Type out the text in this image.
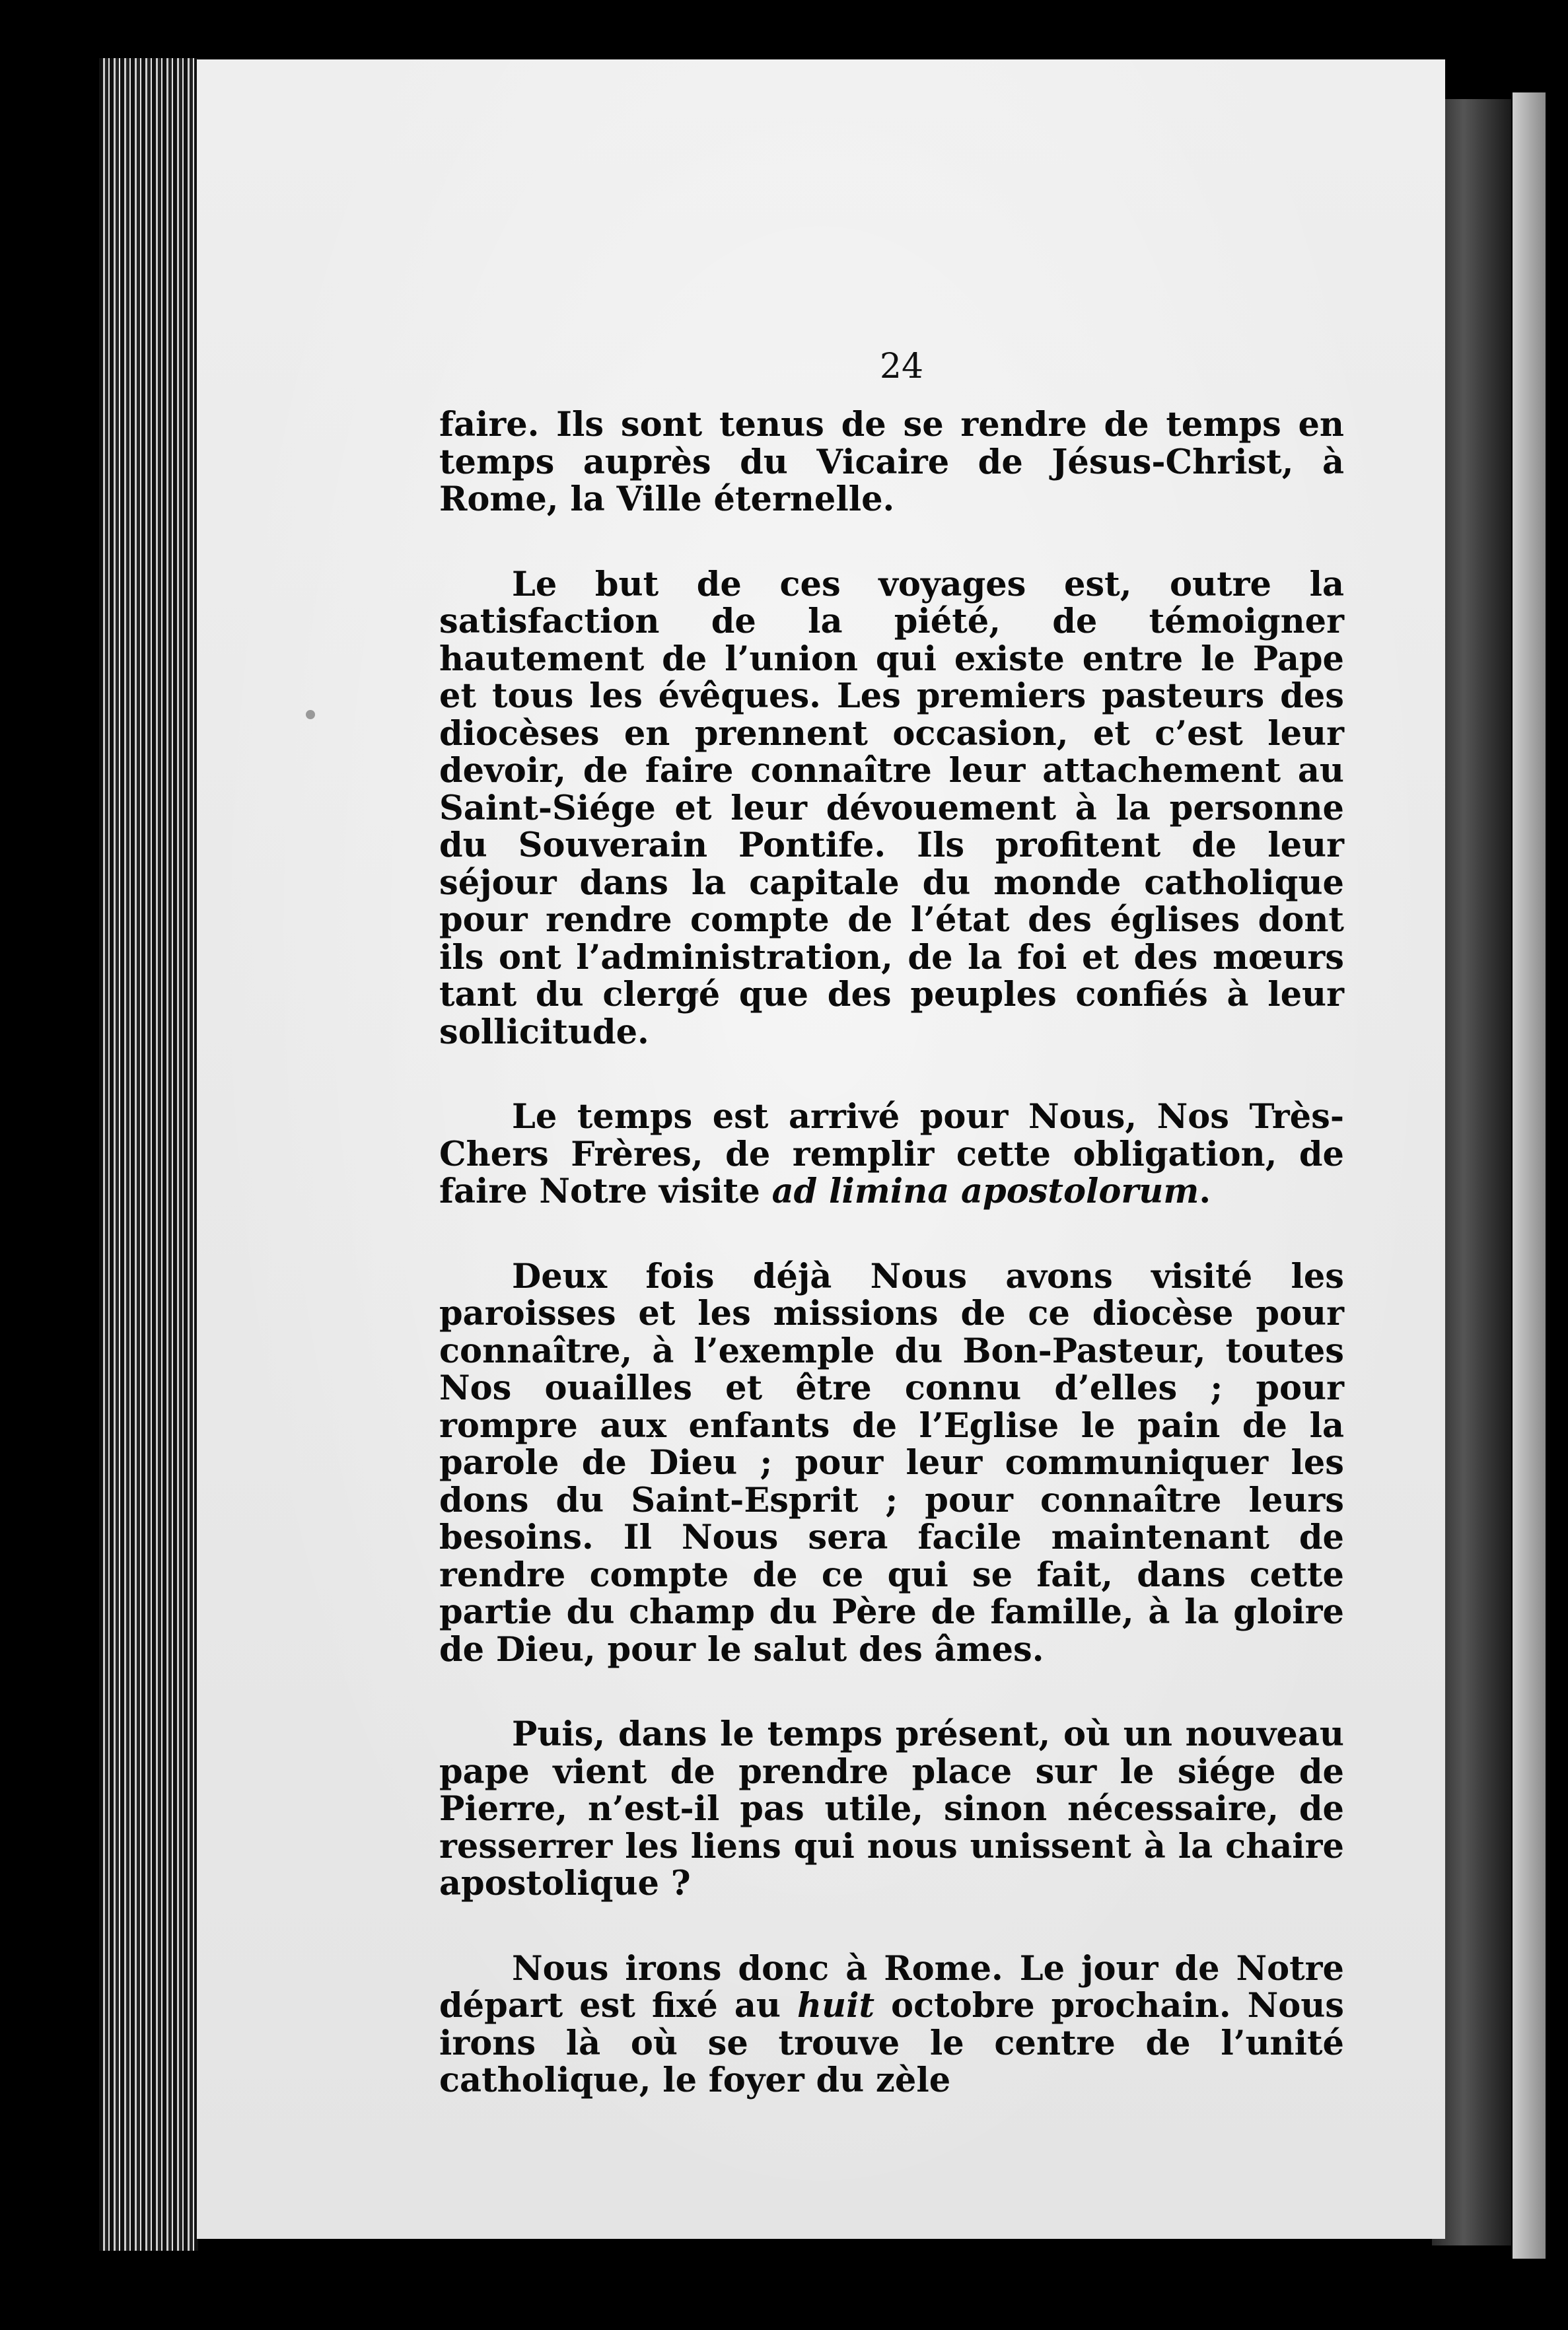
24

faire. Ils sont tenus de se rendre de temps en temps auprès du Vicaire de Jésus-Christ, à Rome, la Ville éternelle.

Le but de ces voyages est, outre la satisfaction de la piété, de témoigner hautement de l’union qui existe entre le Pape et tous les évêques. Les premiers pasteurs des diocèses en prennent occasion, et c’est leur devoir, de faire connaître leur attachement au Saint-Siége et leur dévouement à la personne du Souverain Pontife. Ils profitent de leur séjour dans la capitale du monde catholique pour rendre compte de l’état des églises dont ils ont l’administration, de la foi et des mœurs tant du clergé que des peuples confiés à leur sollicitude.

Le temps est arrivé pour Nous, Nos Très-Chers Frères, de remplir cette obligation, de faire Notre visite ad limina apostolorum.

Deux fois déjà Nous avons visité les paroisses et les missions de ce diocèse pour connaître, à l’exemple du Bon-Pasteur, toutes Nos ouailles et être connu d’elles ; pour rompre aux enfants de l’Eglise le pain de la parole de Dieu ; pour leur communiquer les dons du Saint-Esprit ; pour connaître leurs besoins. Il Nous sera facile maintenant de rendre compte de ce qui se fait, dans cette partie du champ du Père de famille, à la gloire de Dieu, pour le salut des âmes.

Puis, dans le temps présent, où un nouveau pape vient de prendre place sur le siége de Pierre, n’est-il pas utile, sinon nécessaire, de resserrer les liens qui nous unissent à la chaire apostolique ?

Nous irons donc à Rome. Le jour de Notre départ est fixé au huit octobre prochain. Nous irons là où se trouve le centre de l’unité catholique, le foyer du zèle
